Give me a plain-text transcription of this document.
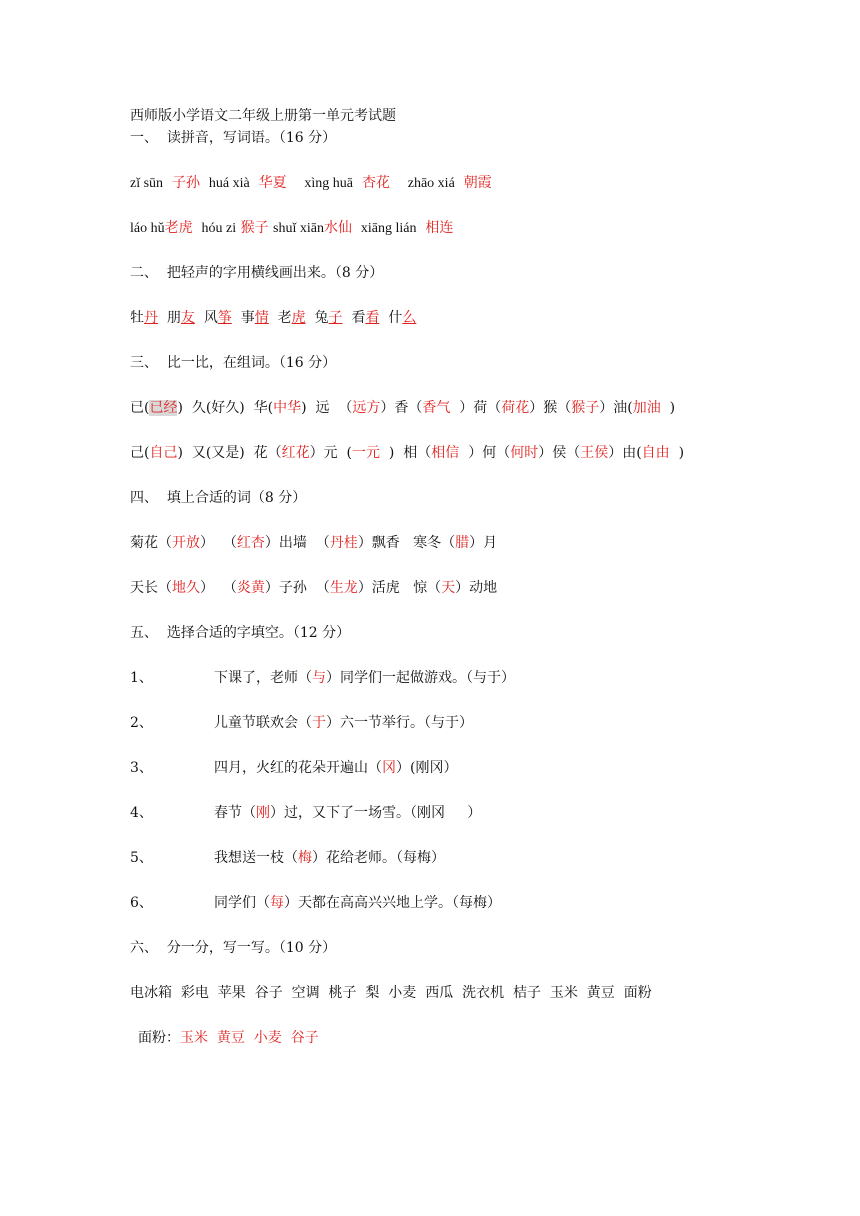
西师版小学语文二年级上册第一单元考试题
一、  读拼音，写词语。（16 分）
zǐ sūn 子孙 huá xià 华夏 xìng huā 杏花 zhāo xiá 朝霞
láo hǔ老虎 hóu zi 猴子 shuǐ xiān水仙 xiāng lián 相连
二、  把轻声的字用横线画出来。（8 分）
牡丹 朋友 风筝 事情 老虎 兔子 看看 什么
三、  比一比，在组词。（16 分）
已(已经)  久(好久)  华(中华)  远  （远方）香（香气  ）荷（荷花）猴（猴子）油(加油  )
己(自己)  又(又是)  花（红花）元  (一元  )  相（相信  ）何（何时）侯（王侯）由(自由  )
四、  填上合适的词（8 分）
菊花（开放）  （红杏）出墙  （丹桂）飘香   寒冬（腊）月
天长（地久）  （炎黄）子孙  （生龙）活虎   惊（天）动地
五、  选择合适的字填空。（12 分）
1、	下课了，老师（与）同学们一起做游戏。（与于）
2、	儿童节联欢会（于）六一节举行。（与于）
3、	四月，火红的花朵开遍山（冈）(刚冈）
4、	春节（刚）过，又下了一场雪。（刚冈     ）
5、	我想送一枝（梅）花给老师。（每梅）
6、	同学们（每）天都在高高兴兴地上学。（每梅）
六、  分一分，写一写。（10 分）
电冰箱  彩电  苹果  谷子  空调  桃子  梨  小麦  西瓜  洗衣机  桔子  玉米  黄豆  面粉
面粉：玉米  黄豆  小麦  谷子
